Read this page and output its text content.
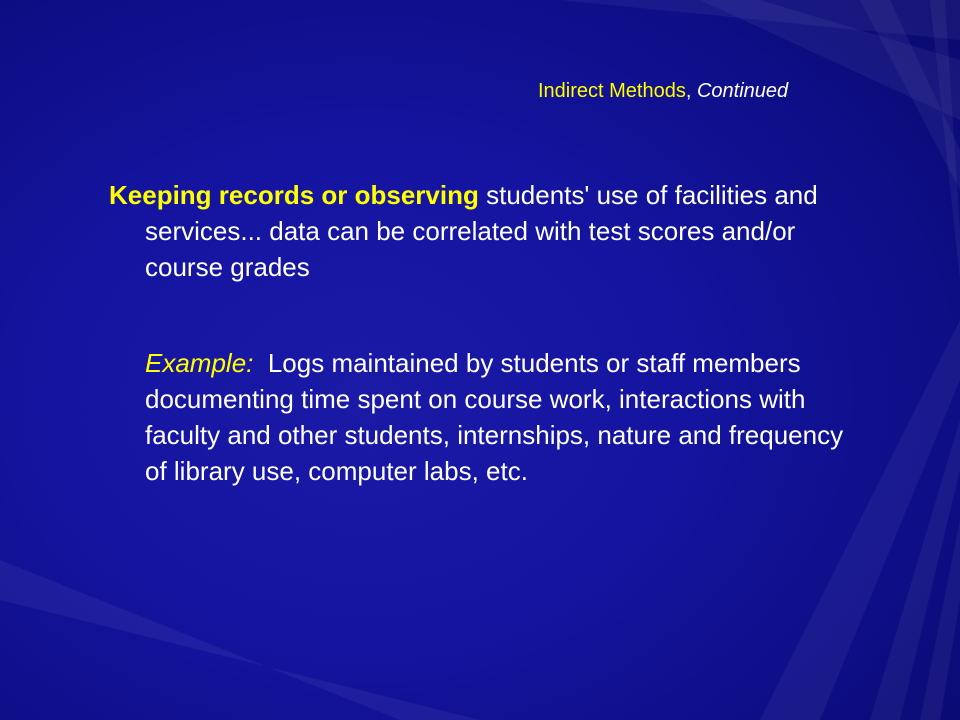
Indirect Methods, Continued
Keeping records or observing students' use of facilities and services... data can be correlated with test scores and/or course grades
Example:  Logs maintained by students or staff members documenting time spent on course work, interactions with faculty and other students, internships, nature and frequency of library use, computer labs, etc.
